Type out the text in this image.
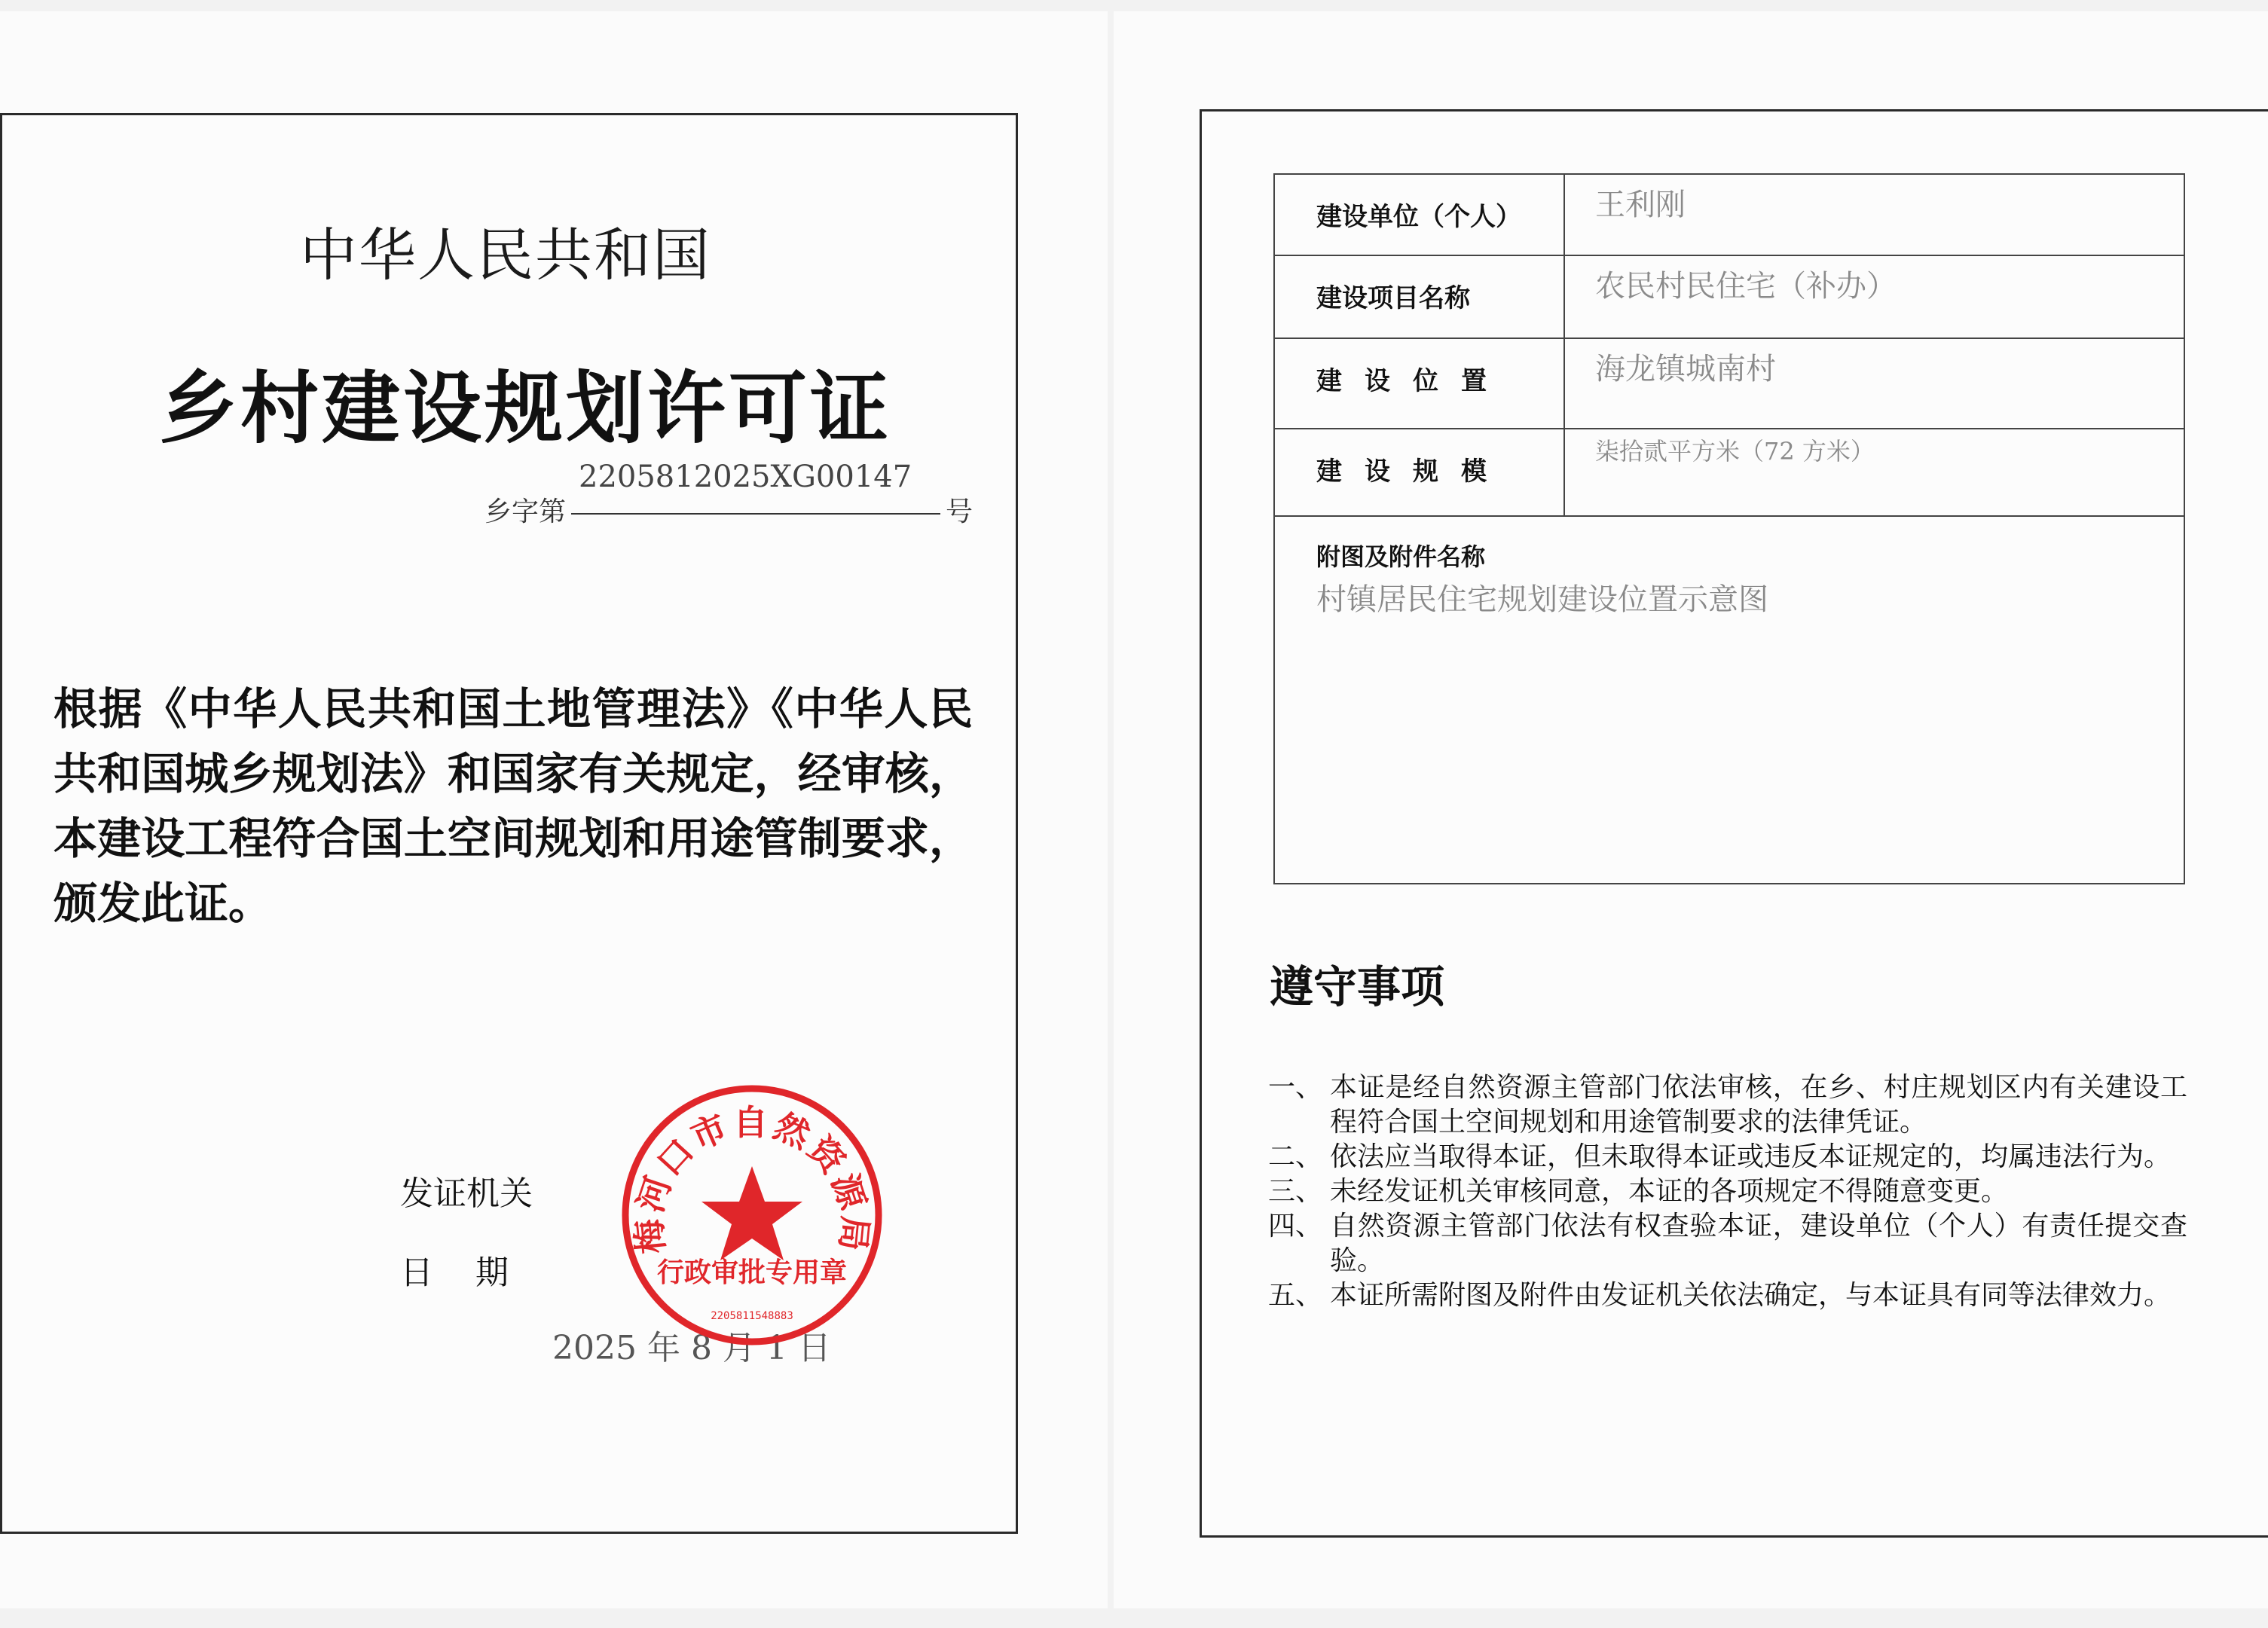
中华人民共和国
乡村建设规划许可证
乡字第
2205812025XG00147
号
根据《中华人民共和国土地管理法》《中华人民共和国城乡规划法》和国家有关规定，经审核，本建设工程符合国土空间规划和用途管制要求，颁发此证。
发证机关
日期
2025 年 8 月 1 日
梅河口市自然资源局
行政审批专用章
2205811548883
建设单位（个人）	王利刚
建设项目名称	农民村民住宅（补办）
建设位置	海龙镇城南村
建设规模	柒拾贰平方米（72 方米）

附图及附件名称
村镇居民住宅规划建设位置示意图	
遵守事项
一、 本证是经自然资源主管部门依法审核，在乡、村庄规划区内有关建设工程符合国土空间规划和用途管制要求的法律凭证。
二、 依法应当取得本证，但未取得本证或违反本证规定的，均属违法行为。
三、 未经发证机关审核同意，本证的各项规定不得随意变更。
四、 自然资源主管部门依法有权查验本证，建设单位（个人）有责任提交查验。
五、 本证所需附图及附件由发证机关依法确定，与本证具有同等法律效力。
